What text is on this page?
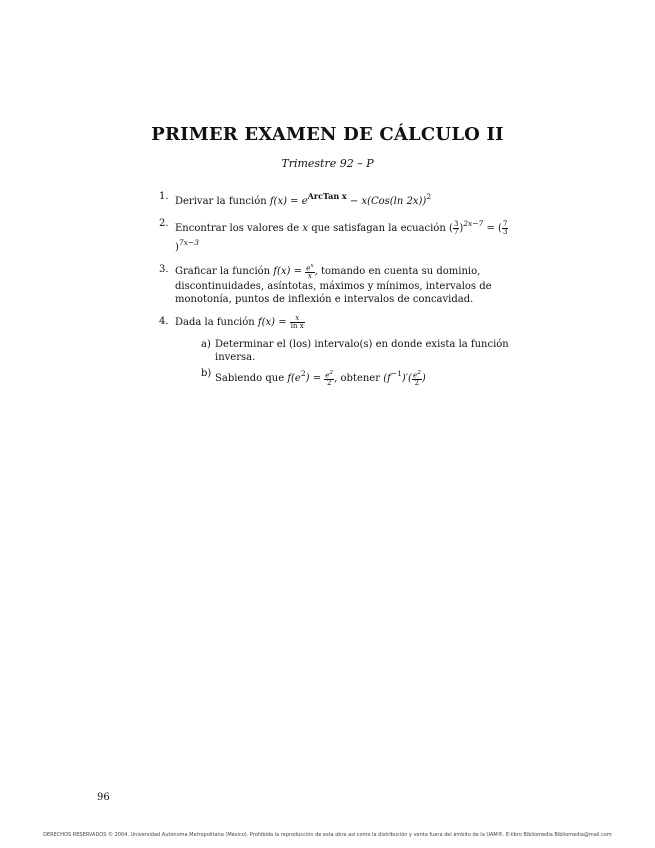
PRIMER EXAMEN DE CÁLCULO II
Trimestre 92 – P
1. Derivar la función $f(x) = e^{ArcTan x} - x(Cos(\ln$ 2x))$^2$
2. Encontrar los valores de x que satisfagan la ecuación ( $\frac{3}{7} )^{2x-7}$ = ( $\frac{7}{3}$
)$^{7x-3}$
3. Graficar la función $f(x) = \frac{e^x}{x}$ , tomando en cuenta su dominio, discontinuidades, asíntotas, máximos y mínimos, intervalos de monotonía, puntos de inflexión e intervalos de concavidad.
4. Dada la función $f(x) = \frac{x}{\text{ln x}}$
a) Determinar el (los) intervalo(s) en donde exista la función inversa.
b) Sabiendo que $f(e^2) = \frac{e^2}{2}$ , obtener $(f^{-1})'( \frac{e^2}{2}$ )
96
DERECHOS RESERVADOS © 2004, Universidad Autónoma Metropolitana (México). Prohibida la reproducción de esta obra así como la distribución y venta fuera del ámbito de la UAM®. E-libro Bibliomedia Bibliomedia@mail.com
